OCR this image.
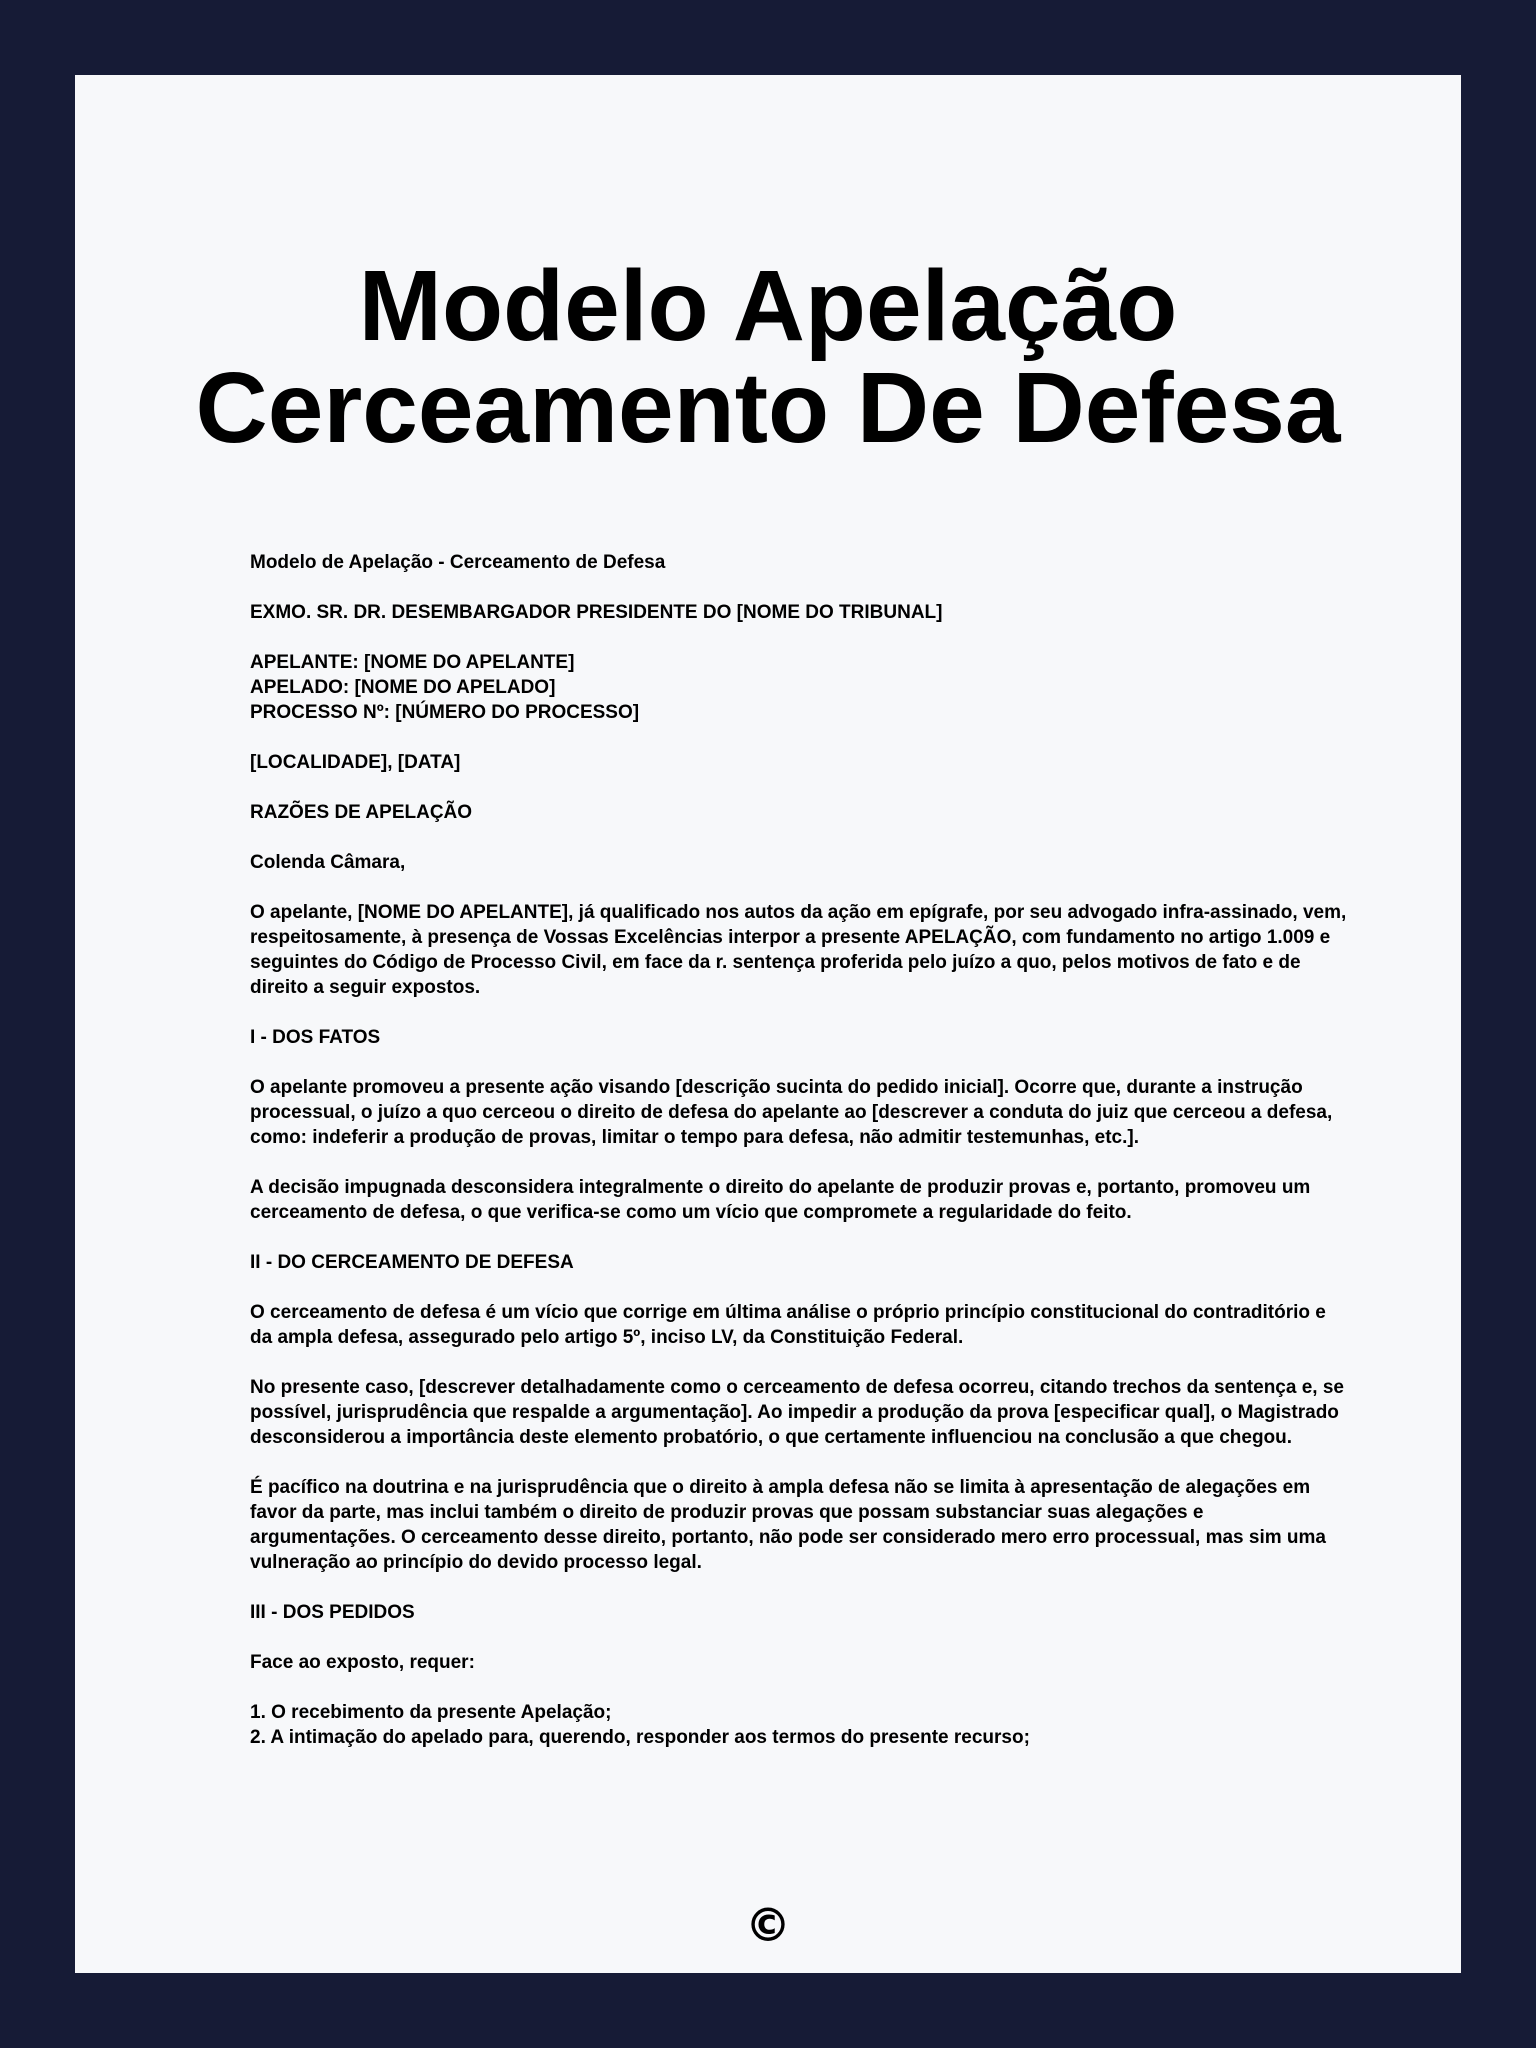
Modelo Apelação
Cerceamento De Defesa

Modelo de Apelação - Cerceamento de Defesa

EXMO. SR. DR. DESEMBARGADOR PRESIDENTE DO [NOME DO TRIBUNAL]

APELANTE: [NOME DO APELANTE]
APELADO: [NOME DO APELADO]
PROCESSO Nº: [NÚMERO DO PROCESSO]

[LOCALIDADE], [DATA]

RAZÕES DE APELAÇÃO

Colenda Câmara,

O apelante, [NOME DO APELANTE], já qualificado nos autos da ação em epígrafe, por seu advogado infra-assinado, vem, respeitosamente, à presença de Vossas Excelências interpor a presente APELAÇÃO, com fundamento no artigo 1.009 e seguintes do Código de Processo Civil, em face da r. sentença proferida pelo juízo a quo, pelos motivos de fato e de direito a seguir expostos.

I - DOS FATOS

O apelante promoveu a presente ação visando [descrição sucinta do pedido inicial]. Ocorre que, durante a instrução processual, o juízo a quo cerceou o direito de defesa do apelante ao [descrever a conduta do juiz que cerceou a defesa, como: indeferir a produção de provas, limitar o tempo para defesa, não admitir testemunhas, etc.].

A decisão impugnada desconsidera integralmente o direito do apelante de produzir provas e, portanto, promoveu um cerceamento de defesa, o que verifica-se como um vício que compromete a regularidade do feito.

II - DO CERCEAMENTO DE DEFESA

O cerceamento de defesa é um vício que corrige em última análise o próprio princípio constitucional do contraditório e da ampla defesa, assegurado pelo artigo 5º, inciso LV, da Constituição Federal.

No presente caso, [descrever detalhadamente como o cerceamento de defesa ocorreu, citando trechos da sentença e, se possível, jurisprudência que respalde a argumentação]. Ao impedir a produção da prova [especificar qual], o Magistrado desconsiderou a importância deste elemento probatório, o que certamente influenciou na conclusão a que chegou.

É pacífico na doutrina e na jurisprudência que o direito à ampla defesa não se limita à apresentação de alegações em favor da parte, mas inclui também o direito de produzir provas que possam substanciar suas alegações e argumentações. O cerceamento desse direito, portanto, não pode ser considerado mero erro processual, mas sim uma vulneração ao princípio do devido processo legal.

III - DOS PEDIDOS

Face ao exposto, requer:

1. O recebimento da presente Apelação;

2. A intimação do apelado para, querendo, responder aos termos do presente recurso;

©
